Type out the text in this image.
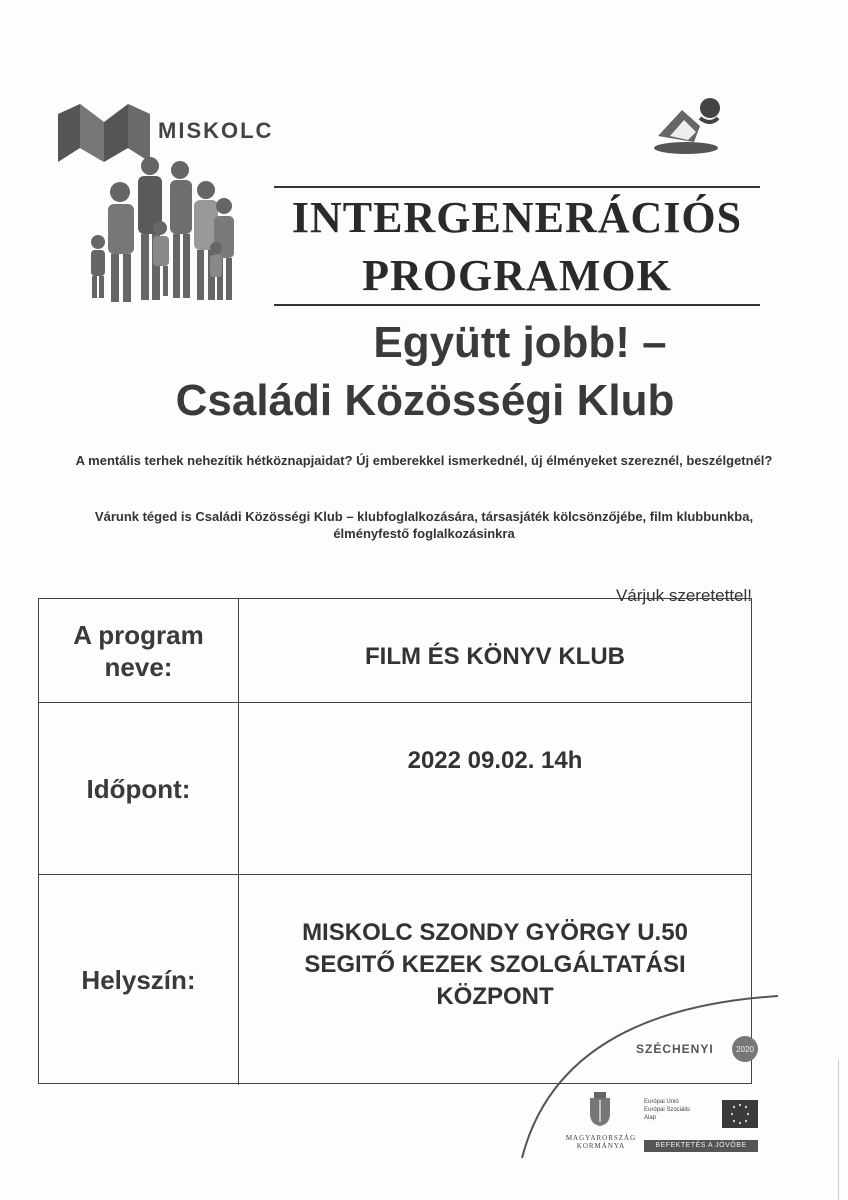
MISKOLC
INTERGENERÁCIÓS
PROGRAMOK
Együtt jobb! –
Családi Közösségi Klub
A mentális terhek nehezítik hétköznapjaidat? Új emberekkel ismerkednél, új élményeket szereznél, beszélgetnél?
Várunk téged is Családi Közösségi Klub – klubfoglalkozására, társasjáték kölcsönzőjébe, film klubbunkba, élményfestő foglalkozásinkra
Várjuk szeretettel!
A program neve:	FILM ÉS KÖNYV KLUB
Időpont:
2022 09.02. 14h
Helyszín:
MISKOLC SZONDY GYÖRGY U.50
SEGITŐ KEZEK SZOLGÁLTATÁSI
KÖZPONT
SZÉCHENYI	2020
MAGYARORSZÁG
KORMÁNYA
Európai Unió
Európai Szociális
Alap
BEFEKTETÉS A JÖVŐBE
